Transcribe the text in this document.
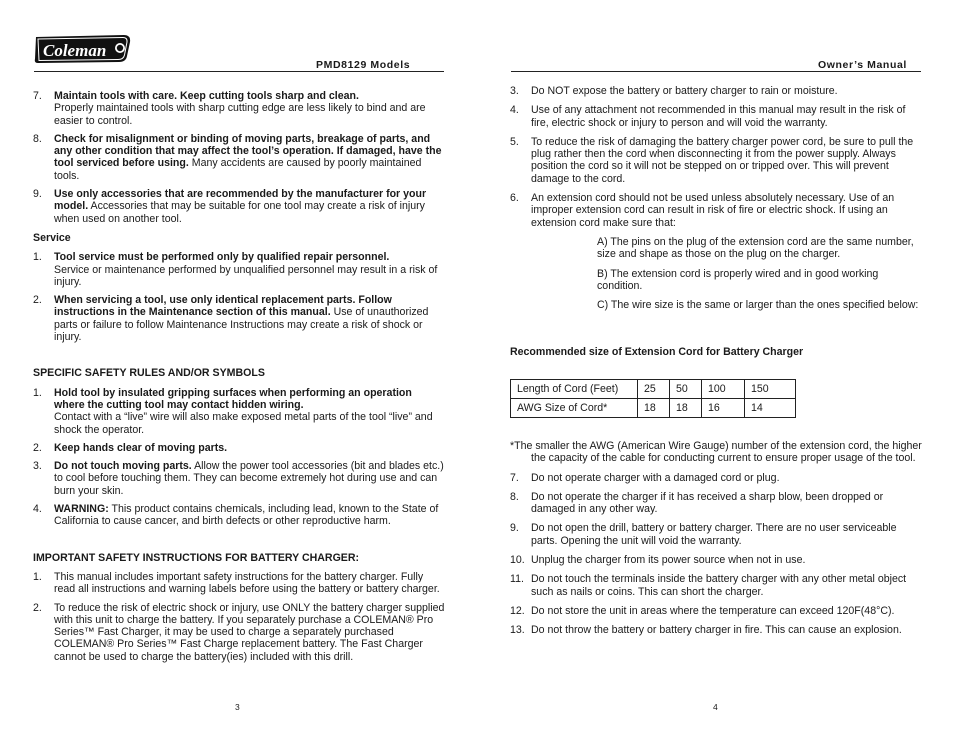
Coleman
PMD8129 Models	Owner’s Manual
7. Maintain tools with care. Keep cutting tools sharp and clean.
Properly maintained tools with sharp cutting edge are less likely to bind and are easier to control.
8. Check for misalignment or binding of moving parts, breakage of parts, and any other condition that may affect the tool’s operation. If damaged, have the tool serviced before using. Many accidents are caused by poorly maintained tools.
9. Use only accessories that are recommended by the manufacturer for your model. Accessories that may be suitable for one tool may create a risk of injury when used on another tool.
Service
1. Tool service must be performed only by qualified repair personnel.
Service or maintenance performed by unqualified personnel may result in a risk of injury.
2. When servicing a tool, use only identical replacement parts. Follow instructions in the Maintenance section of this manual. Use of unauthorized parts or failure to follow Maintenance Instructions may create a risk of shock or injury.
SPECIFIC SAFETY RULES AND/OR SYMBOLS
1. Hold tool by insulated gripping surfaces when performing an operation where the cutting tool may contact hidden wiring.
Contact with a “live” wire will also make exposed metal parts of the tool “live” and shock the operator.
2. Keep hands clear of moving parts.
3. Do not touch moving parts. Allow the power tool accessories (bit and blades etc.) to cool before touching them. They can become extremely hot during use and can burn your skin.
4. WARNING: This product contains chemicals, including lead, known to the State of California to cause cancer, and birth defects or other reproductive harm.
IMPORTANT SAFETY INSTRUCTIONS FOR BATTERY CHARGER:
1. This manual includes important safety instructions for the battery charger. Fully read all instructions and warning labels before using the battery or battery charger.
2. To reduce the risk of electric shock or injury, use ONLY the battery charger supplied with this unit to charge the battery. If you separately purchase a COLEMAN® Pro Series™ Fast Charger, it may be used to charge a separately purchased COLEMAN® Pro Series™ Fast Charge replacement battery. The Fast Charger cannot be used to charge the battery(ies) included with this drill.
3
3. Do NOT expose the battery or battery charger to rain or moisture.
4. Use of any attachment not recommended in this manual may result in the risk of fire, electric shock or injury to person and will void the warranty.
5. To reduce the risk of damaging the battery charger power cord, be sure to pull the plug rather then the cord when disconnecting it from the power supply. Always position the cord so it will not be stepped on or tripped over. This will prevent damage to the cord.
6. An extension cord should not be used unless absolutely necessary. Use of an improper extension cord can result in risk of fire or electric shock. If using an extension cord make sure that:
A) The pins on the plug of the extension cord are the same number, size and shape as those on the plug on the charger.
B) The extension cord is properly wired and in good working condition.
C) The wire size is the same or larger than the ones specified below:
Recommended size of Extension Cord for Battery Charger
Length of Cord (Feet)	25	50	100	150
AWG Size of Cord*	18	18	16	14
*The smaller the AWG (American Wire Gauge) number of the extension cord, the higher the capacity of the cable for conducting current to ensure proper usage of the tool.
7. Do not operate charger with a damaged cord or plug.
8. Do not operate the charger if it has received a sharp blow, been dropped or damaged in any other way.
9. Do not open the drill, battery or battery charger. There are no user serviceable parts. Opening the unit will void the warranty.
10. Unplug the charger from its power source when not in use.
11. Do not touch the terminals inside the battery charger with any other metal object such as nails or coins. This can short the charger.
12. Do not store the unit in areas where the temperature can exceed 120F(48°C).
13. Do not throw the battery or battery charger in fire. This can cause an explosion.
4
